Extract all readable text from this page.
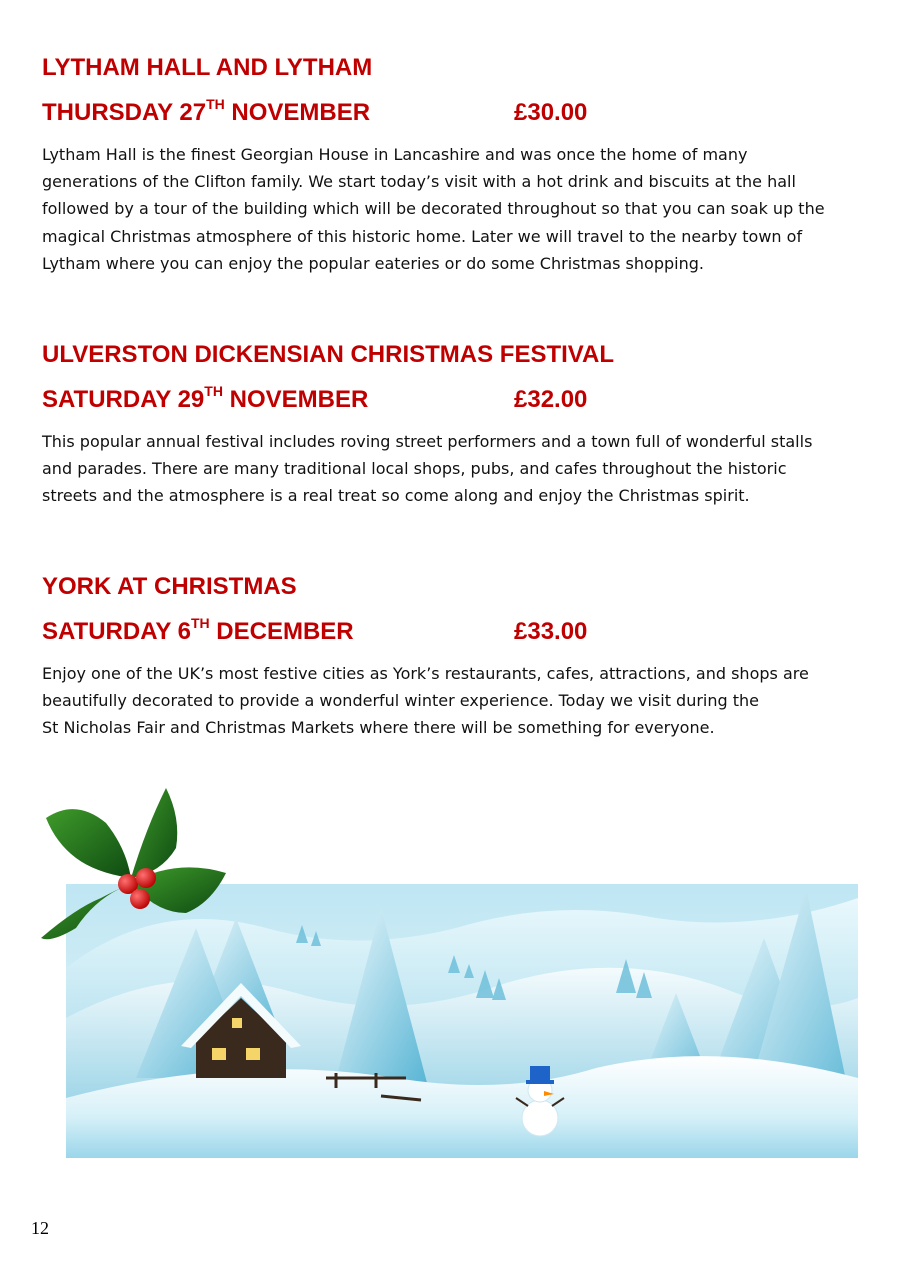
LYTHAM HALL AND LYTHAM
THURSDAY 27TH NOVEMBER	£30.00

Lytham Hall is the finest Georgian House in Lancashire and was once the home of many
generations of the Clifton family. We start today’s visit with a hot drink and biscuits at the hall
followed by a tour of the building which will be decorated throughout so that you can soak up the
magical Christmas atmosphere of this historic home. Later we will travel to the nearby town of
Lytham where you can enjoy the popular eateries or do some Christmas shopping.

ULVERSTON DICKENSIAN CHRISTMAS FESTIVAL
SATURDAY 29TH NOVEMBER	£32.00

This popular annual festival includes roving street performers and a town full of wonderful stalls
and parades. There are many traditional local shops, pubs, and cafes throughout the historic
streets and the atmosphere is a real treat so come along and enjoy the Christmas spirit.

YORK AT CHRISTMAS
SATURDAY 6TH DECEMBER	£33.00

Enjoy one of the UK’s most festive cities as York’s restaurants, cafes, attractions, and shops are
beautifully decorated to provide a wonderful winter experience. Today we visit during the
St Nicholas Fair and Christmas Markets where there will be something for everyone.

12
